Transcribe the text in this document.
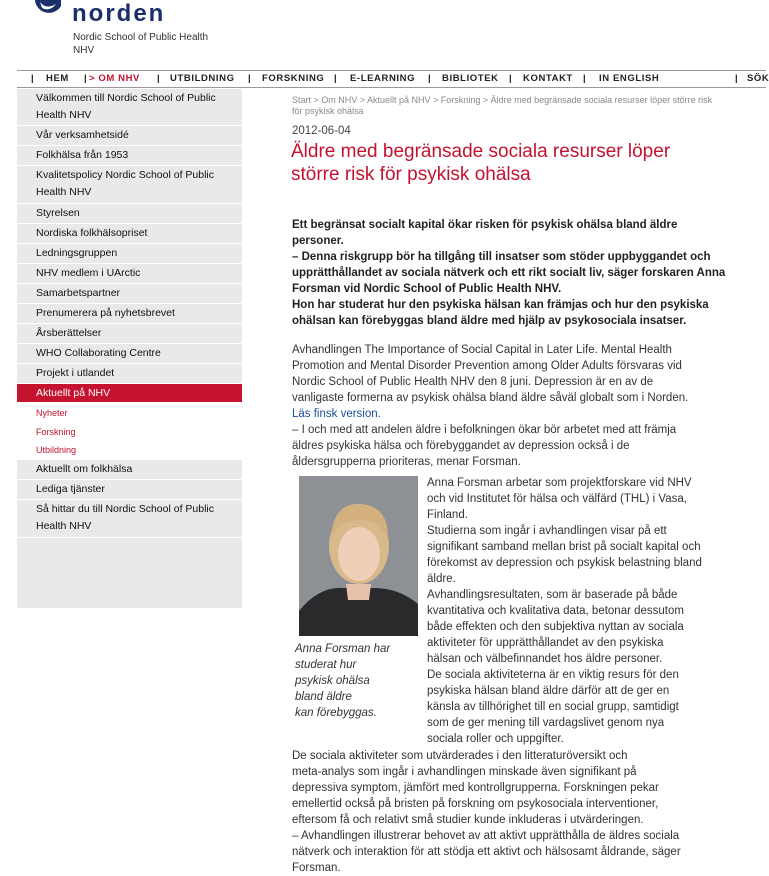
norden
Nordic School of Public Health
NHV
| HEM | > OM NHV | UTBILDNING | FORSKNING | E-LEARNING | BIBLIOTEK | KONTAKT | IN ENGLISH	| SÖK
Välkommen till Nordic School of Public
Health NHV
Vår verksamhetsidé
Folkhälsa från 1953
Kvalitetspolicy Nordic School of Public
Health NHV
Styrelsen
Nordiska folkhälsopriset
Ledningsgruppen
NHV medlem i UArctic
Samarbetspartner
Prenumerera på nyhetsbrevet
Årsberättelser
WHO Collaborating Centre
Projekt i utlandet
Aktuellt på NHV
Nyheter
Forskning
Utbildning
Aktuellt om folkhälsa
Lediga tjänster
Så hittar du till Nordic School of Public
Health NHV
Start > Om NHV > Aktuellt på NHV > Forskning > Äldre med begränsade sociala resurser löper större risk
för psykisk ohälsa
2012-06-04
Äldre med begränsade sociala resurser löper
större risk för psykisk ohälsa
Ett begränsat socialt kapital ökar risken för psykisk ohälsa bland äldre
personer.
– Denna riskgrupp bör ha tillgång till insatser som stöder uppbyggandet och
upprätthållandet av sociala nätverk och ett rikt socialt liv, säger forskaren Anna
Forsman vid Nordic School of Public Health NHV.
Hon har studerat hur den psykiska hälsan kan främjas och hur den psykiska
ohälsan kan förebyggas bland äldre med hjälp av psykosociala insatser.
Avhandlingen The Importance of Social Capital in Later Life. Mental Health
Promotion and Mental Disorder Prevention among Older Adults försvaras vid
Nordic School of Public Health NHV den 8 juni. Depression är en av de
vanligaste formerna av psykisk ohälsa bland äldre såväl globalt som i Norden.
Läs finsk version.
– I och med att andelen äldre i befolkningen ökar bör arbetet med att främja
äldres psykiska hälsa och förebyggandet av depression också i de
åldersgrupperna prioriteras, menar Forsman.
Anna Forsman har
studerat hur
psykisk ohälsa
bland äldre
kan förebyggas.
Anna Forsman arbetar som projektforskare vid NHV
och vid Institutet för hälsa och välfärd (THL) i Vasa,
Finland.
Studierna som ingår i avhandlingen visar på ett
signifikant samband mellan brist på socialt kapital och
förekomst av depression och psykisk belastning bland
äldre.
Avhandlingsresultaten, som är baserade på både
kvantitativa och kvalitativa data, betonar dessutom
både effekten och den subjektiva nyttan av sociala
aktiviteter för upprätthållandet av den psykiska
hälsan och välbefinnandet hos äldre personer.
De sociala aktiviteterna är en viktig resurs för den
psykiska hälsan bland äldre därför att de ger en
känsla av tillhörighet till en social grupp, samtidigt
som de ger mening till vardagslivet genom nya
sociala roller och uppgifter.
De sociala aktiviteter som utvärderades i den litteraturöversikt och
meta-analys som ingår i avhandlingen minskade även signifikant på
depressiva symptom, jämfört med kontrollgrupperna. Forskningen pekar
emellertid också på bristen på forskning om psykosociala interventioner,
eftersom få och relativt små studier kunde inkluderas i utvärderingen.
– Avhandlingen illustrerar behovet av att aktivt upprätthålla de äldres sociala
nätverk och interaktion för att stödja ett aktivt och hälsosamt åldrande, säger
Forsman.
